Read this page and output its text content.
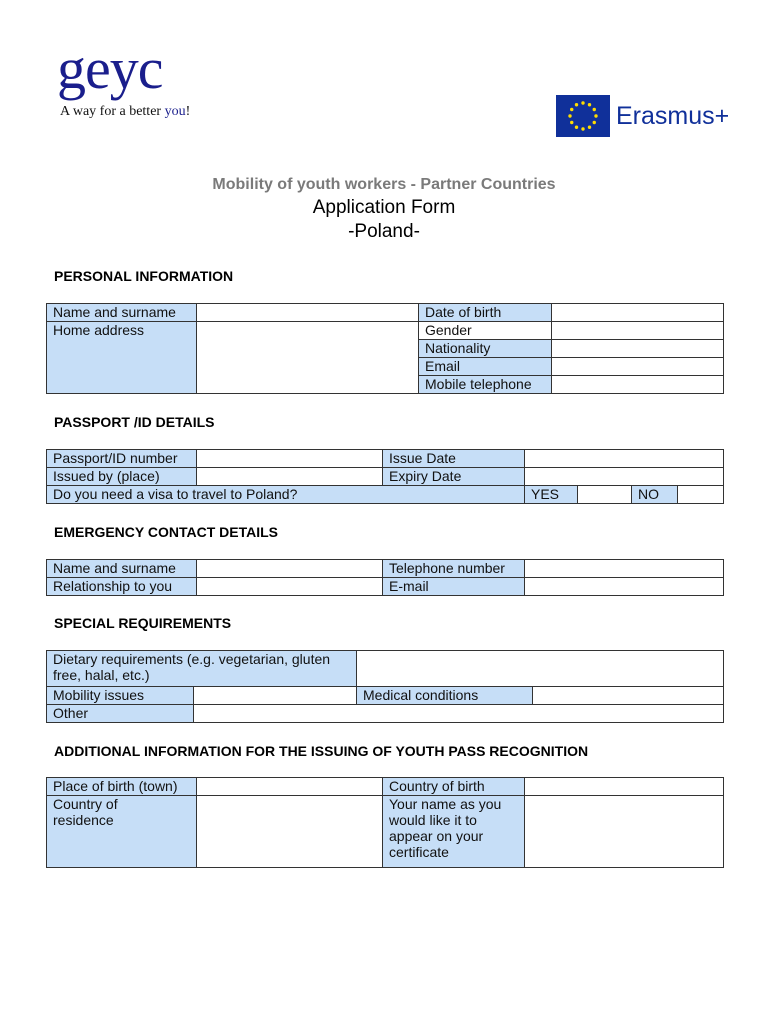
geyc
A way for a better you!	Erasmus+
Mobility of youth workers - Partner Countries
Application Form
-Poland-
PERSONAL INFORMATION
Name and surname		Date of birth	
Home address		Gender	
		Nationality	
		Email	
		Mobile telephone	
PASSPORT /ID DETAILS
Passport/ID number		Issue Date				
Issued by (place)		Expiry Date				
Do you need a visa to travel to Poland?			YES		NO	
EMERGENCY CONTACT DETAILS
Name and surname		Telephone number	
Relationship to you		E-mail	
SPECIAL REQUIREMENTS
Dietary requirements (e.g. vegetarian, gluten free, halal, etc.)			
Mobility issues		Medical conditions	
Other			
ADDITIONAL INFORMATION FOR THE ISSUING OF YOUTH PASS RECOGNITION
Place of birth (town)		Country of birth	
Country of residence		Your name as you would like it to appear on your certificate	
